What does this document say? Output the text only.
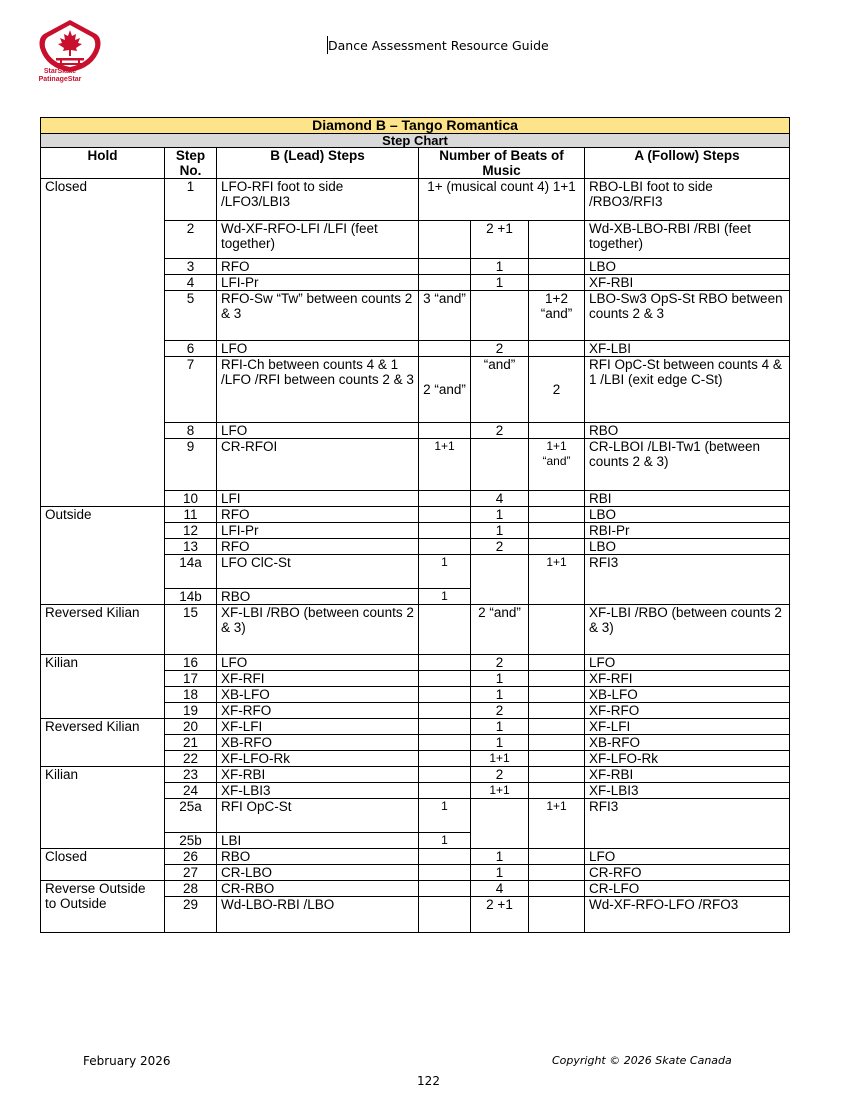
StarSkate
PatinageStar
Dance Assessment Resource Guide
Diamond B – Tango Romantica						
Step Chart						
Hold	Step No.	B (Lead) Steps	Number of Beats of Music			A (Follow) Steps
Closed	1	LFO-RFI foot to side /LFO3/LBI3	1+ (musical count 4) 1+1			RBO-LBI foot to side /RBO3/RFI3
	2	Wd-XF-RFO-LFI /LFI (feet together)		2 +1		Wd-XB-LBO-RBI /RBI (feet together)
	3	RFO		1		LBO
	4	LFI-Pr		1		XF-RBI
	5	RFO-Sw “Tw” between counts 2 & 3	3 “and”		1+2 “and”	LBO-Sw3 OpS-St RBO between counts 2 & 3
	6	LFO		2		XF-LBI
	7	RFI-Ch between counts 4 & 1 /LFO /RFI between counts 2 & 3	2 “and”	“and”	2	RFI OpC-St between counts 4 & 1 /LBI (exit edge C-St)
	8	LFO		2		RBO
	9	CR-RFOI	1+1		1+1 “and”	CR-LBOI /LBI-Tw1 (between counts 2 & 3)
	10	LFI		4		RBI
Outside	11	RFO		1		LBO
	12	LFI-Pr		1		RBI-Pr
	13	RFO		2		LBO
	14a	LFO ClC-St	1		1+1	RFI3
	14b	RBO	1			
Reversed Kilian	15	XF-LBI /RBO (between counts 2 & 3)		2 “and”		XF-LBI /RBO (between counts 2 & 3)
Kilian	16	LFO		2		LFO
	17	XF-RFI		1		XF-RFI
	18	XB-LFO		1		XB-LFO
	19	XF-RFO		2		XF-RFO
Reversed Kilian	20	XF-LFI		1		XF-LFI
	21	XB-RFO		1		XB-RFO
	22	XF-LFO-Rk		1+1		XF-LFO-Rk
Kilian	23	XF-RBI		2		XF-RBI
	24	XF-LBI3		1+1		XF-LBI3
	25a	RFI OpC-St	1		1+1	RFI3
	25b	LBI	1			
Closed	26	RBO		1		LFO
	27	CR-LBO		1		CR-RFO
Reverse Outside to Outside	28	CR-RBO		4		CR-LFO
	29	Wd-LBO-RBI /LBO		2 +1		Wd-XF-RFO-LFO /RFO3
February 2026	Copyright © 2026 Skate Canada
122
